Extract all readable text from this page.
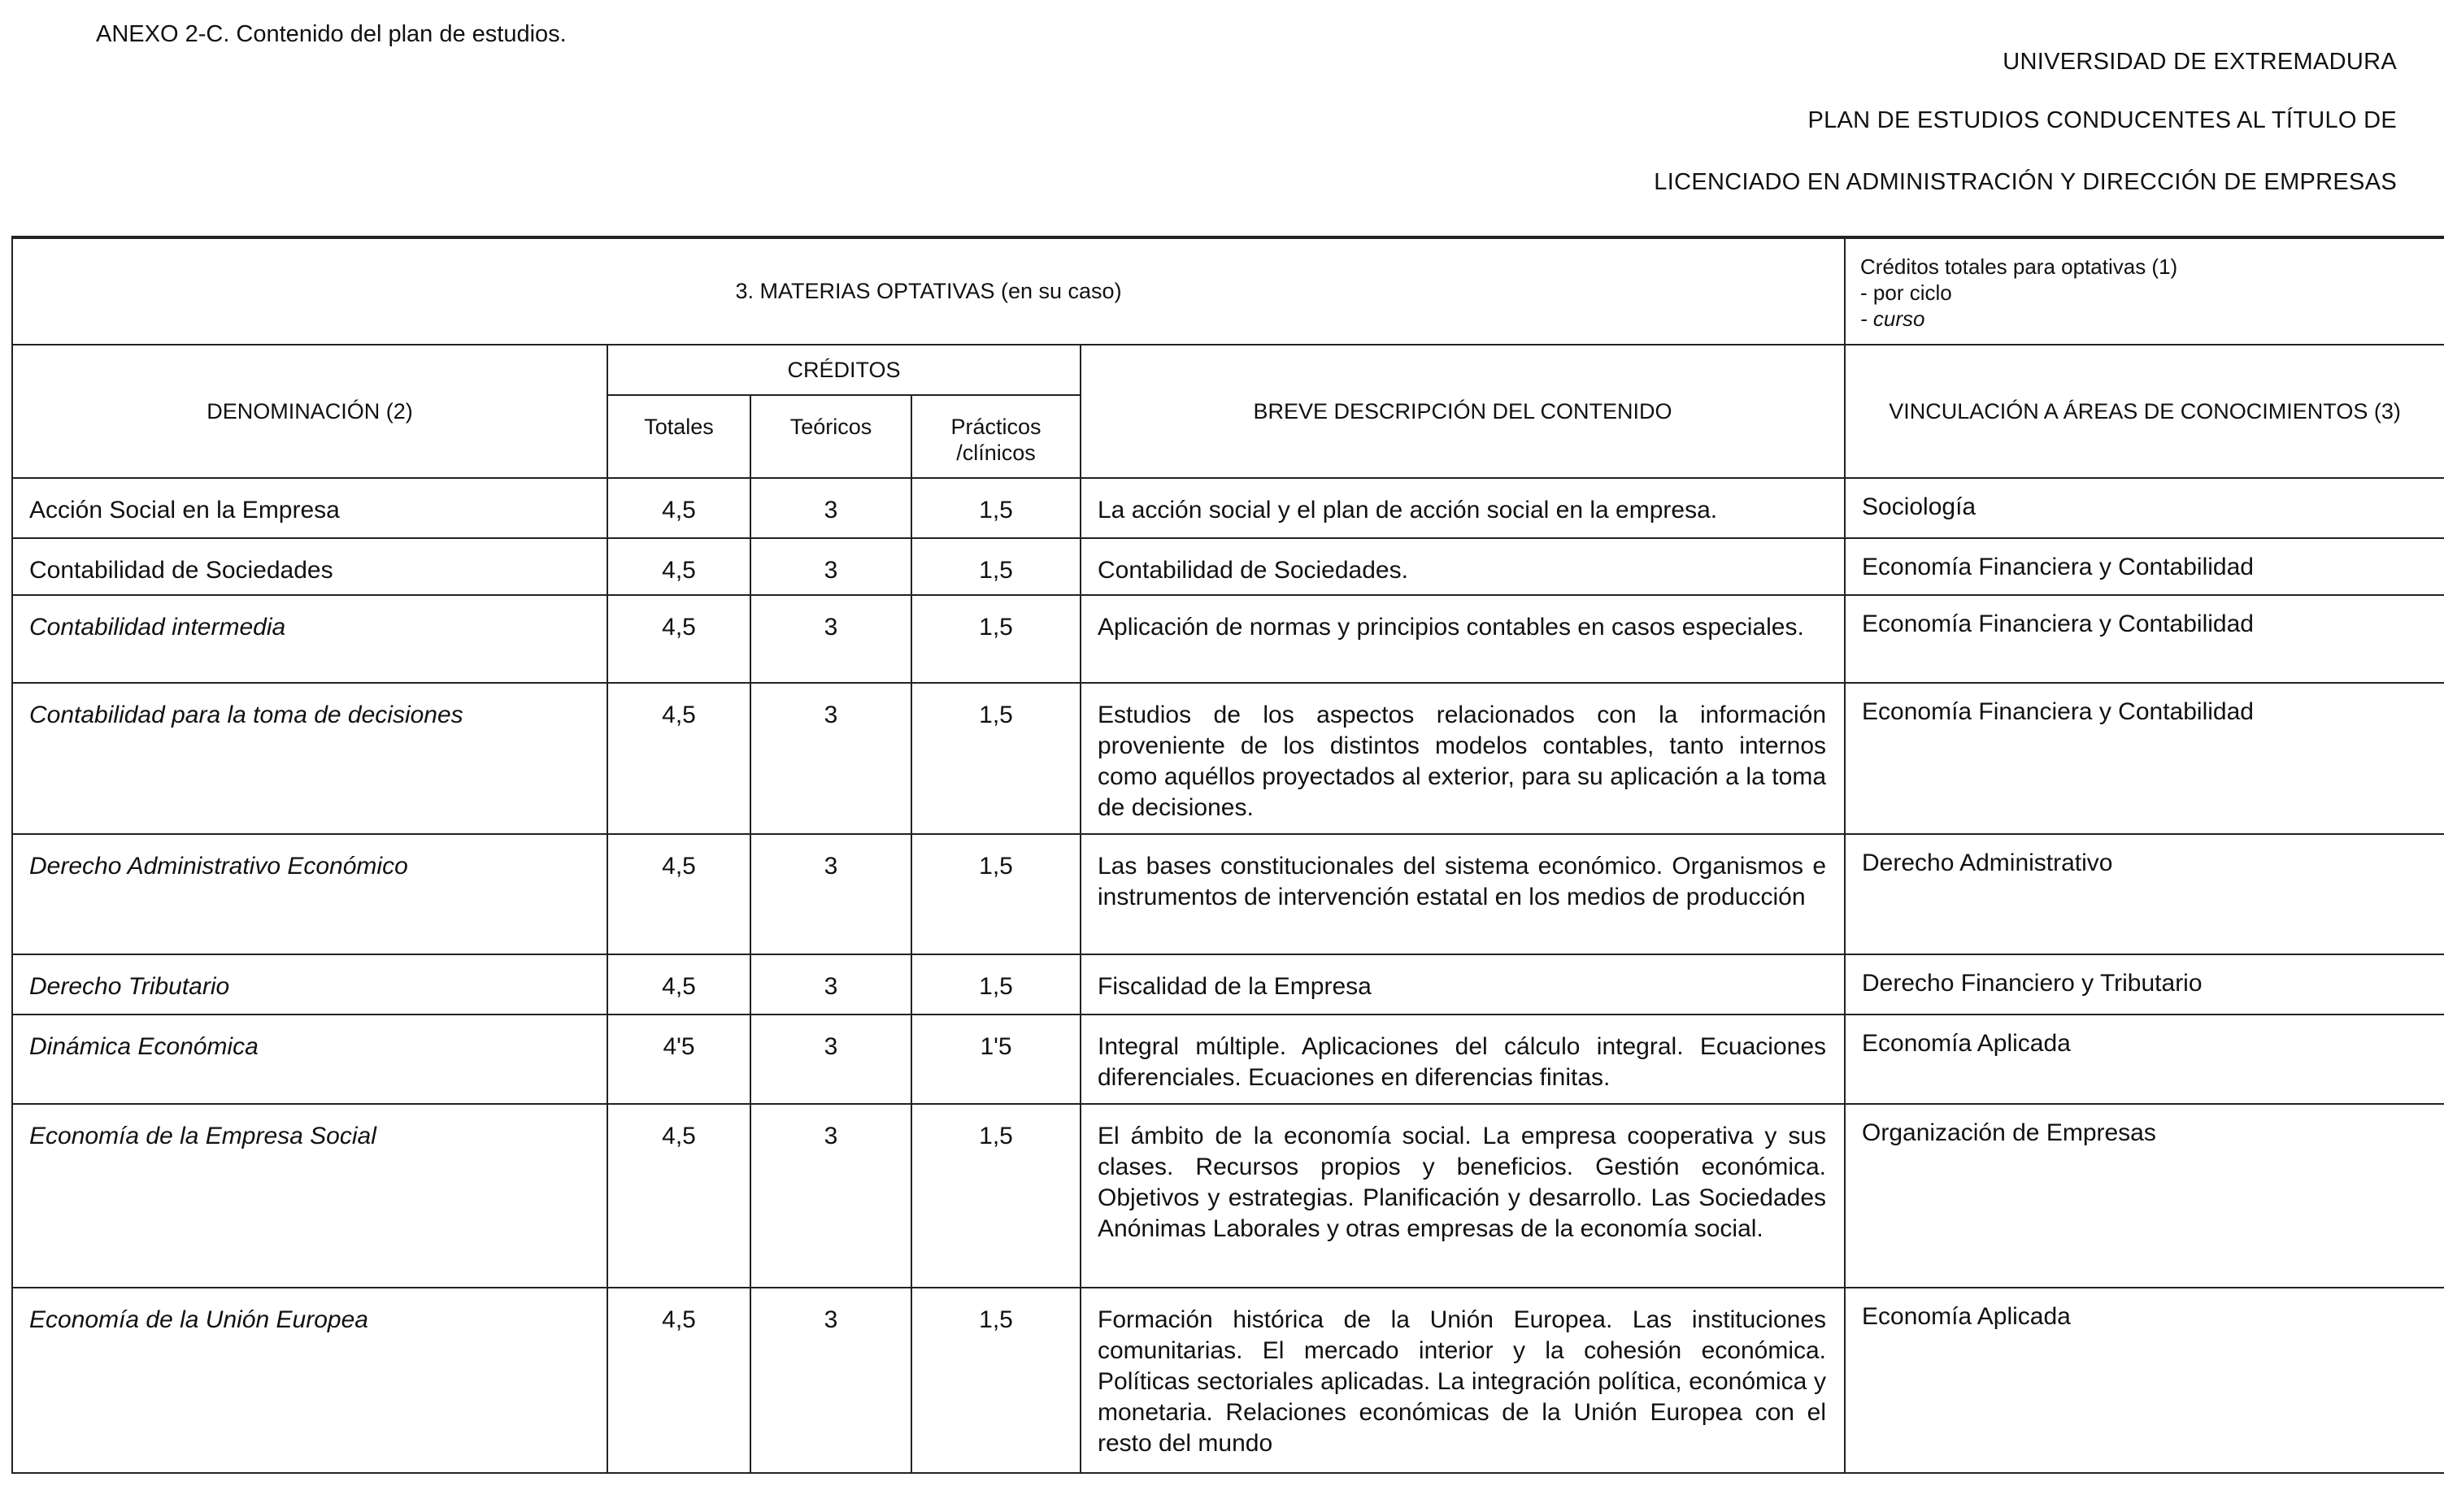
ANEXO 2-C. Contenido del plan de estudios.
UNIVERSIDAD DE EXTREMADURA
PLAN DE ESTUDIOS CONDUCENTES AL TÍTULO DE
LICENCIADO EN ADMINISTRACIÓN Y DIRECCIÓN DE EMPRESAS
3. MATERIAS OPTATIVAS (en su caso)					Créditos totales para optativas (1)
- por ciclo
- curso

DENOMINACIÓN (2)	CRÉDITOS			BREVE DESCRIPCIÓN DEL CONTENIDO	VINCULACIÓN A ÁREAS DE CONOCIMIENTOS (3)
	Totales	Teóricos	Prácticos /clínicos		
Acción Social en la Empresa	4,5	3	1,5	La acción social y el plan de acción social en la empresa.	Sociología
Contabilidad de Sociedades	4,5	3	1,5	Contabilidad de Sociedades.	Economía Financiera y Contabilidad
Contabilidad intermedia	4,5	3	1,5	Aplicación de normas y principios contables en casos especiales.	Economía Financiera y Contabilidad
Contabilidad para la toma de decisiones	4,5	3	1,5	Estudios de los aspectos relacionados con la información proveniente de los distintos modelos contables, tanto internos como aquéllos proyectados al exterior, para su aplicación a la toma de decisiones.	Economía Financiera y Contabilidad
Derecho Administrativo Económico	4,5	3	1,5	Las bases constitucionales del sistema económico. Organismos e instrumentos de intervención estatal en los medios de producción	Derecho Administrativo
Derecho Tributario	4,5	3	1,5	Fiscalidad de la Empresa	Derecho Financiero y Tributario
Dinámica Económica	4'5	3	1'5	Integral múltiple. Aplicaciones del cálculo integral. Ecuaciones diferenciales. Ecuaciones en diferencias finitas.	Economía Aplicada
Economía de la Empresa Social	4,5	3	1,5	El ámbito de la economía social. La empresa cooperativa y sus clases. Recursos propios y beneficios. Gestión económica. Objetivos y estrategias. Planificación y desarrollo. Las Sociedades Anónimas Laborales y otras empresas de la economía social.	Organización de Empresas
Economía de la Unión Europea	4,5	3	1,5	Formación histórica de la Unión Europea. Las instituciones comunitarias. El mercado interior y la cohesión económica. Políticas sectoriales aplicadas. La integración política, económica y monetaria. Relaciones económicas de la Unión Europea con el resto del mundo	Economía Aplicada
